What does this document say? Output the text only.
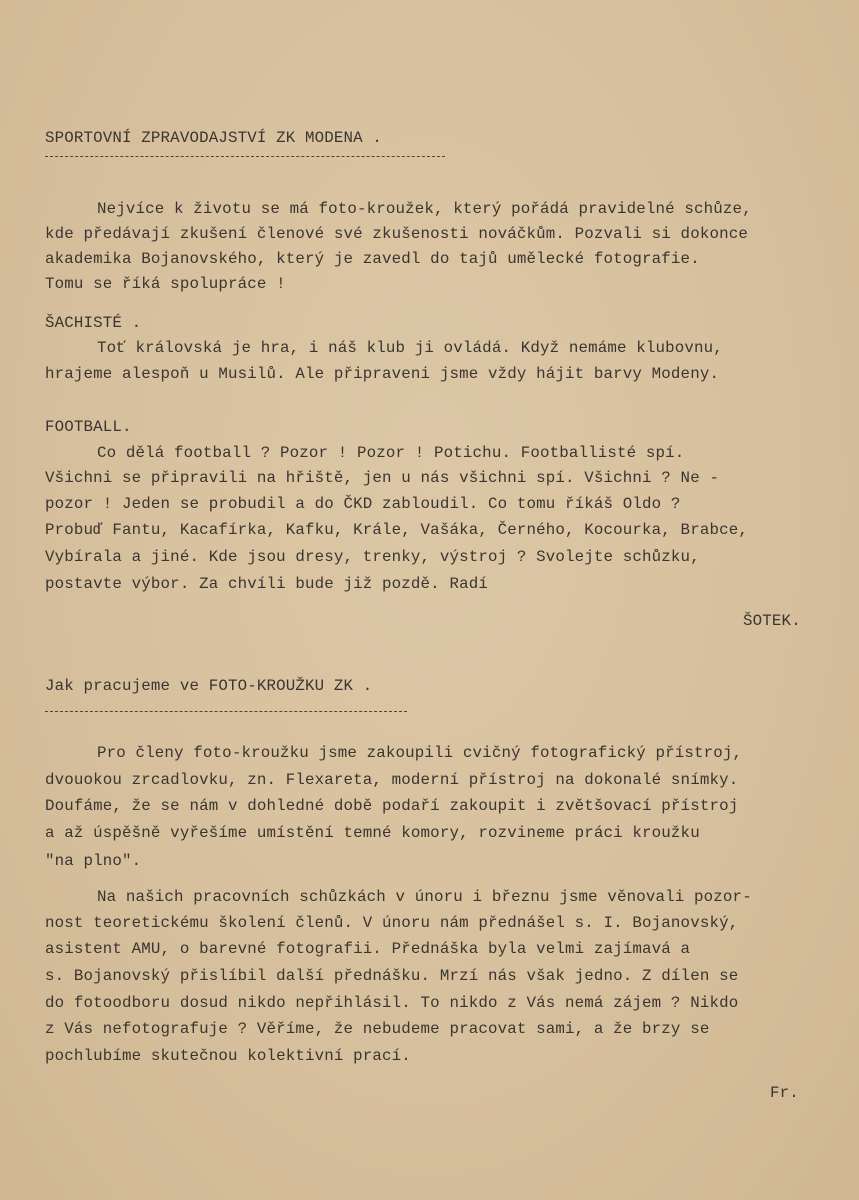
SPORTOVNÍ ZPRAVODAJSTVÍ ZK MODENA .
Nejvíce k životu se má foto-kroužek, který pořádá pravidelné schůze,
kde předávají zkušení členové své zkušenosti nováčkům. Pozvali si dokonce
akademika Bojanovského, který je zavedl do tajů umělecké fotografie.
Tomu se říká spolupráce !
ŠACHISTÉ .
Toť královská je hra, i náš klub ji ovládá. Když nemáme klubovnu,
hrajeme alespoň u Musilů. Ale připraveni jsme vždy hájit barvy Modeny.
FOOTBALL.
Co dělá football ? Pozor ! Pozor ! Potichu. Footballisté spí.
Všichni se připravili na hřiště, jen u nás všichni spí. Všichni ? Ne -
pozor ! Jeden se probudil a do ČKD zabloudil. Co tomu říkáš Oldo ?
Probuď Fantu, Kacafírka, Kafku, Krále, Vašáka, Černého, Kocourka, Brabce,
Vybírala a jiné. Kde jsou dresy, trenky, výstroj ? Svolejte schůzku,
postavte výbor. Za chvíli bude již pozdě. Radí
ŠOTEK.
Jak pracujeme ve FOTO-KROUŽKU ZK .
Pro členy foto-kroužku jsme zakoupili cvičný fotografický přístroj,
dvouokou zrcadlovku, zn. Flexareta, moderní přístroj na dokonalé snímky.
Doufáme, že se nám v dohledné době podaří zakoupit i zvětšovací přístroj
a až úspěšně vyřešíme umístění temné komory, rozvineme práci kroužku
"na plno".
Na našich pracovních schůzkách v únoru i březnu jsme věnovali pozor-
nost teoretickému školení členů. V únoru nám přednášel s. I. Bojanovský,
asistent AMU, o barevné fotografii. Přednáška byla velmi zajímavá a
s. Bojanovský přislíbil další přednášku. Mrzí nás však jedno. Z dílen se
do fotoodboru dosud nikdo nepřihlásil. To nikdo z Vás nemá zájem ? Nikdo
z Vás nefotografuje ? Věříme, že nebudeme pracovat sami, a že brzy se
pochlubíme skutečnou kolektivní prací.
Fr.
